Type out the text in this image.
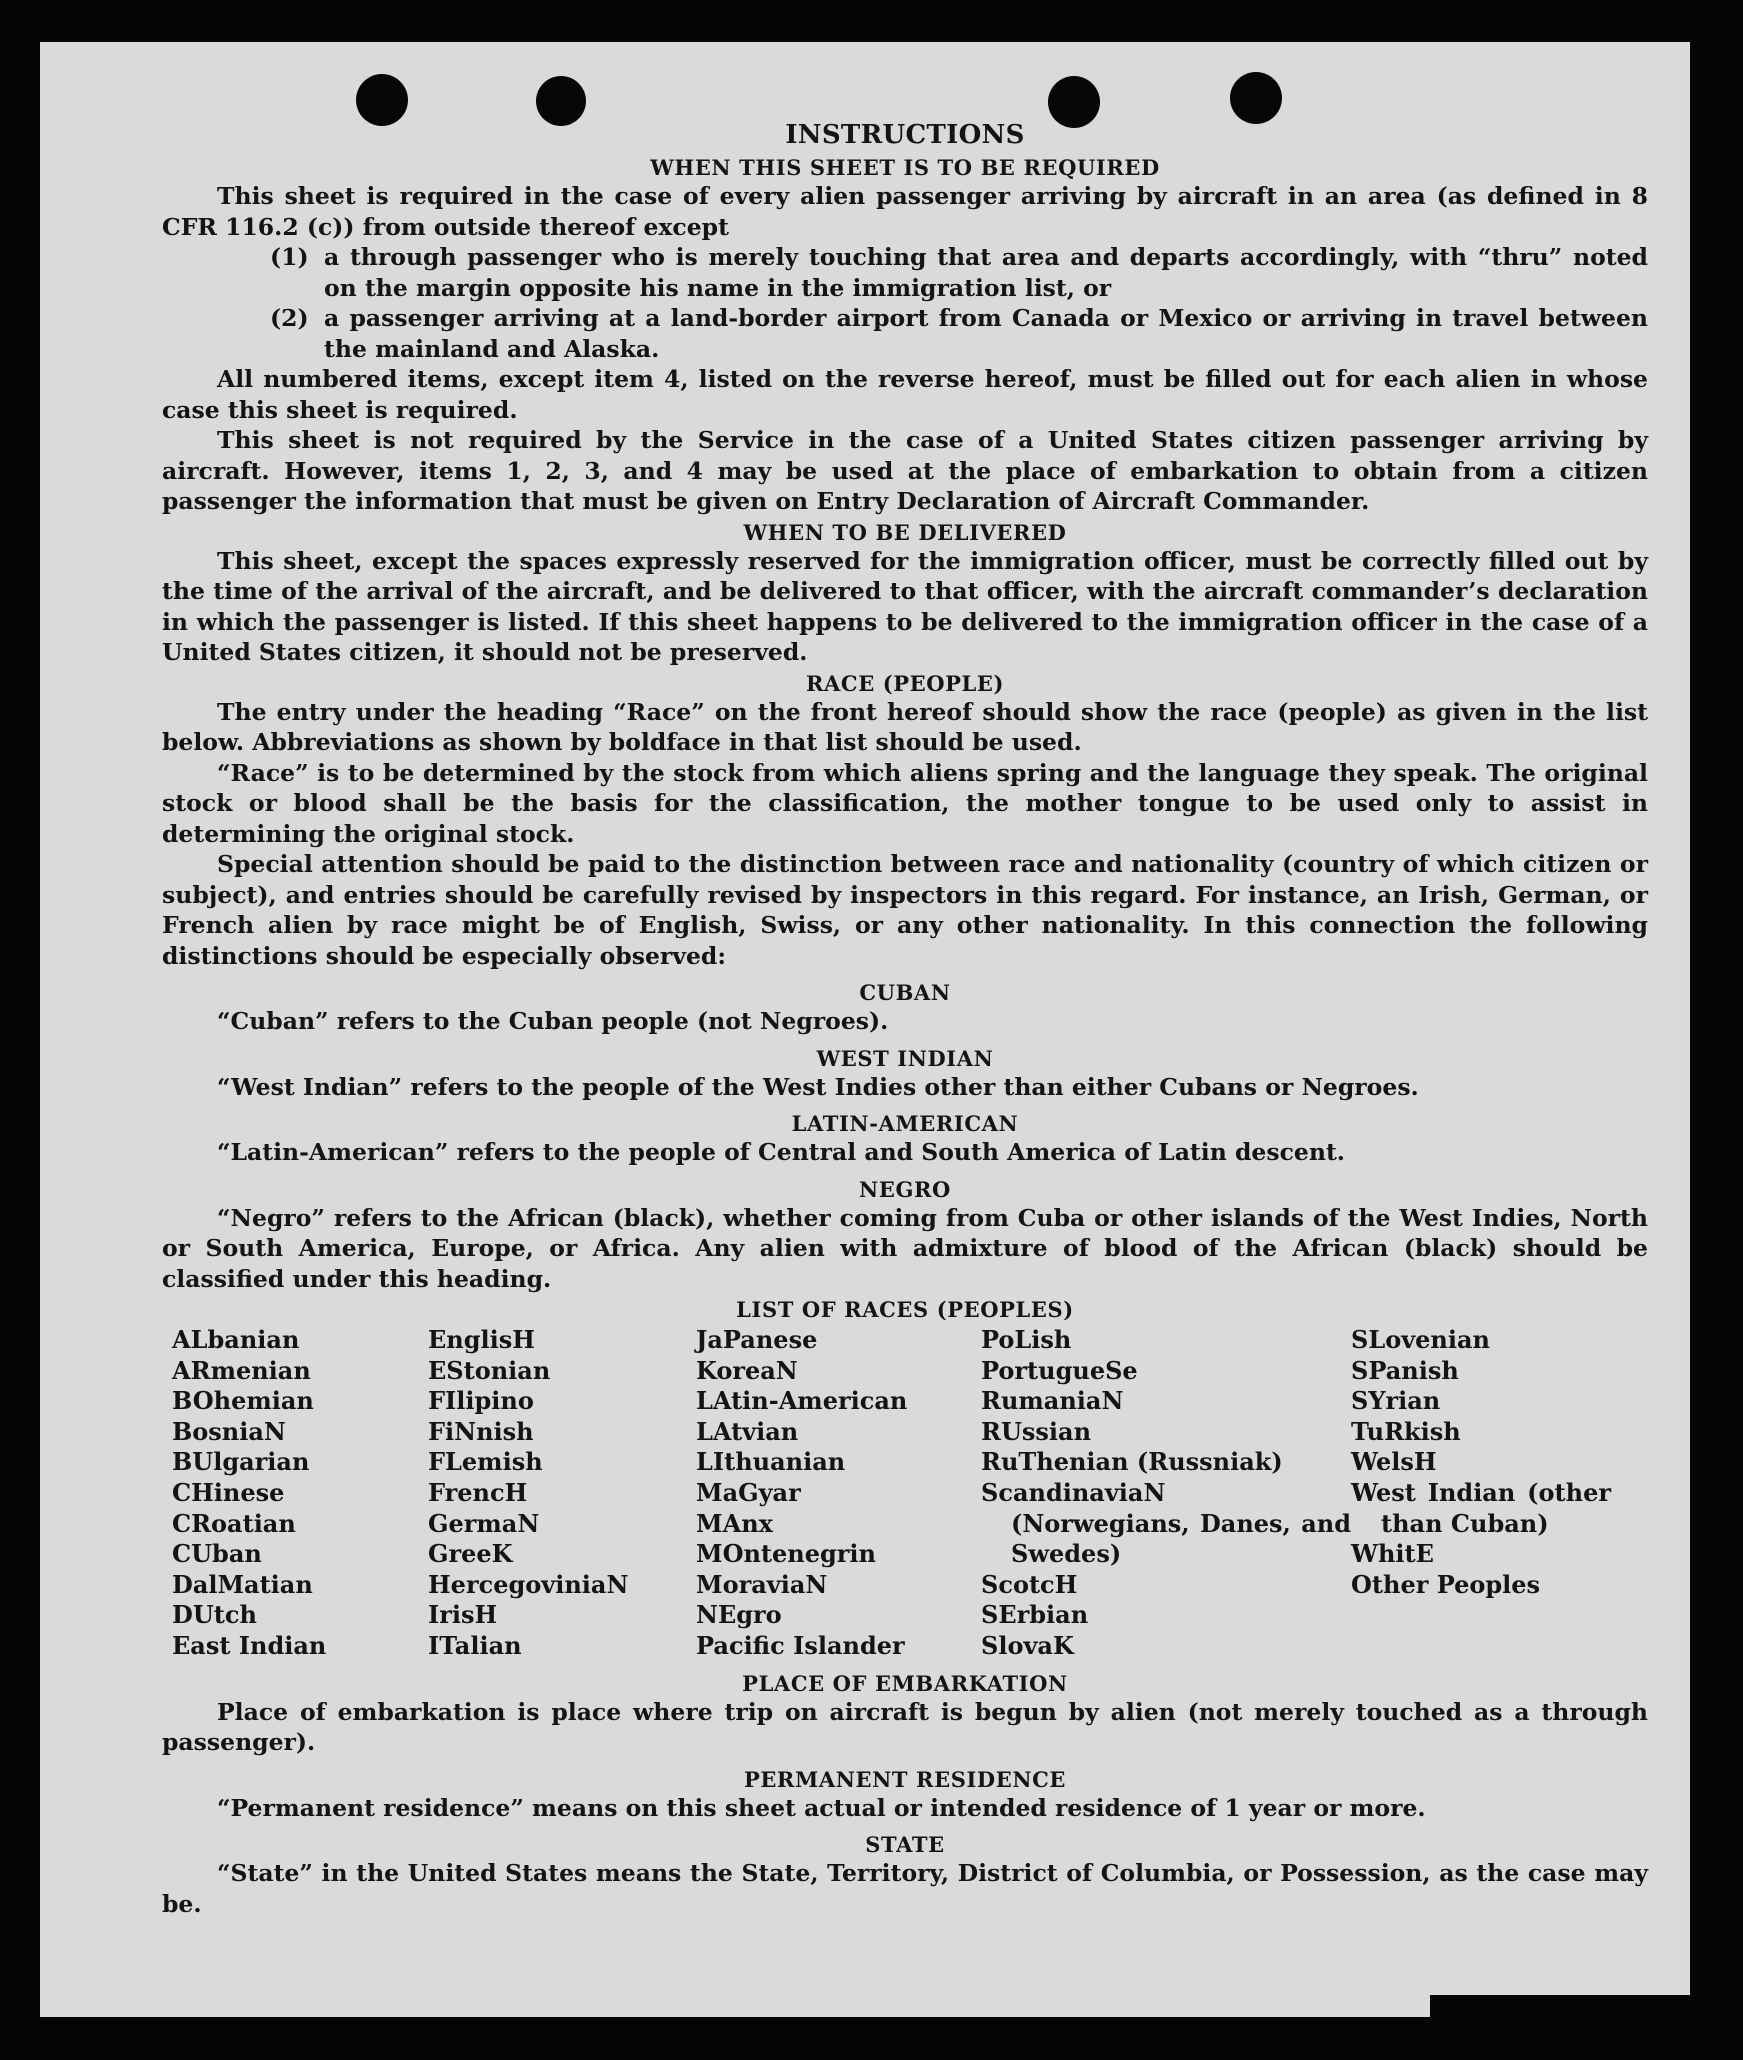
INSTRUCTIONS
WHEN THIS SHEET IS TO BE REQUIRED

This sheet is required in the case of every alien passenger arriving by aircraft in an area (as defined in 8 CFR 116.2 (c)) from outside thereof except

(1) a through passenger who is merely touching that area and departs accordingly, with “thru” noted on the margin opposite his name in the immigration list, or
(2) a passenger arriving at a land-border airport from Canada or Mexico or arriving in travel between the mainland and Alaska.

All numbered items, except item 4, listed on the reverse hereof, must be filled out for each alien in whose case this sheet is required.

This sheet is not required by the Service in the case of a United States citizen passenger arriving by aircraft. However, items 1, 2, 3, and 4 may be used at the place of embarkation to obtain from a citizen passenger the information that must be given on Entry Declaration of Aircraft Commander.

WHEN TO BE DELIVERED

This sheet, except the spaces expressly reserved for the immigration officer, must be correctly filled out by the time of the arrival of the aircraft, and be delivered to that officer, with the aircraft commander’s declaration in which the passenger is listed. If this sheet happens to be delivered to the immigration officer in the case of a United States citizen, it should not be preserved.

RACE (PEOPLE)

The entry under the heading “Race” on the front hereof should show the race (people) as given in the list below. Abbreviations as shown by boldface in that list should be used.

“Race” is to be determined by the stock from which aliens spring and the language they speak. The original stock or blood shall be the basis for the classification, the mother tongue to be used only to assist in determining the original stock.

Special attention should be paid to the distinction between race and nationality (country of which citizen or subject), and entries should be carefully revised by inspectors in this regard. For instance, an Irish, German, or French alien by race might be of English, Swiss, or any other nationality. In this connection the following distinctions should be especially observed:

CUBAN

“Cuban” refers to the Cuban people (not Negroes).

WEST INDIAN

“West Indian” refers to the people of the West Indies other than either Cubans or Negroes.

LATIN-AMERICAN

“Latin-American” refers to the people of Central and South America of Latin descent.

NEGRO

“Negro” refers to the African (black), whether coming from Cuba or other islands of the West Indies, North or South America, Europe, or Africa. Any alien with admixture of blood of the African (black) should be classified under this heading.

LIST OF RACES (PEOPLES)
ALbanian
ARmenian
BOhemian
BosniaN
BUlgarian
CHinese
CRoatian
CUban
DalMatian
DUtch
East Indian
EnglisH
EStonian
FIlipino
FiNnish
FLemish
FrencH
GermaN
GreeK
HercegoviniaN
IrisH
ITalian
JaPanese
KoreaN
LAtin-American
LAtvian
LIthuanian
MaGyar
MAnx
MOntenegrin
MoraviaN
NEgro
Pacific Islander
PoLish
PortugueSe
RumaniaN
RUssian
RuThenian (Russniak)
ScandinaviaN (Norwegians, Danes, and Swedes)
ScotcH
SErbian
SlovaK
SLovenian
SPanish
SYrian
TuRkish
WelsH
West Indian (other than Cuban)
WhitE
Other Peoples
PLACE OF EMBARKATION

Place of embarkation is place where trip on aircraft is begun by alien (not merely touched as a through passenger).

PERMANENT RESIDENCE

“Permanent residence” means on this sheet actual or intended residence of 1 year or more.

STATE

“State” in the United States means the State, Territory, District of Columbia, or Possession, as the case may be.
